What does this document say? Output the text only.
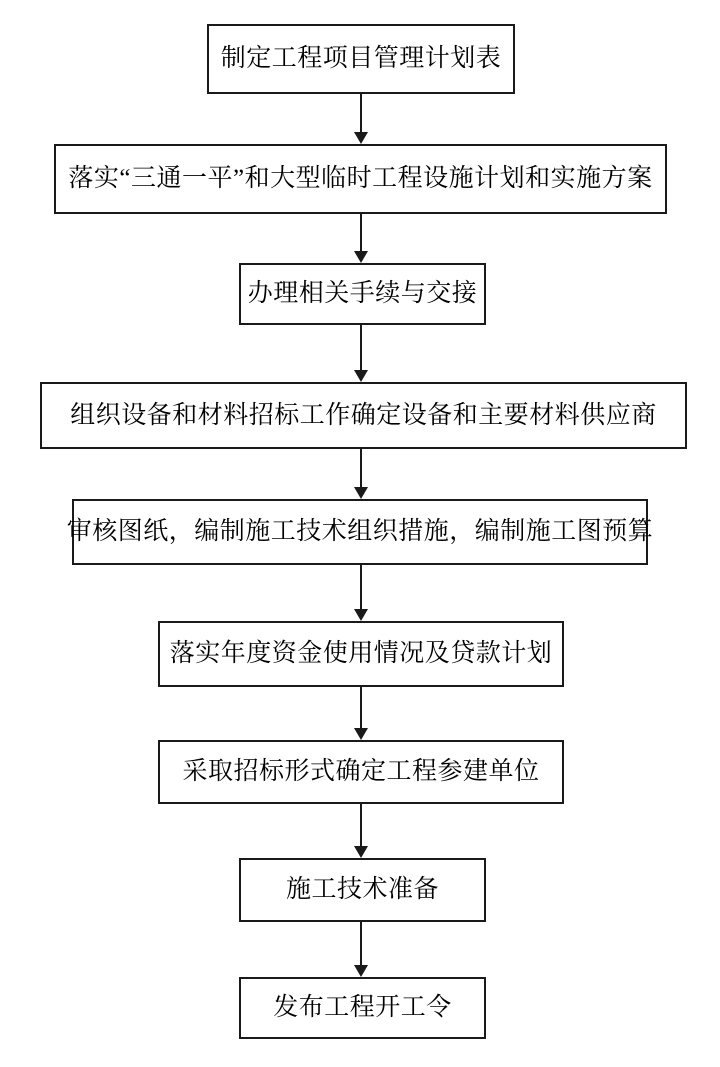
制定工程项目管理计划表
落实“三通一平”和大型临时工程设施计划和实施方案
办理相关手续与交接
组织设备和材料招标工作确定设备和主要材料供应商
审核图纸，编制施工技术组织措施，编制施工图预算
落实年度资金使用情况及贷款计划
采取招标形式确定工程参建单位
施工技术准备
发布工程开工令
